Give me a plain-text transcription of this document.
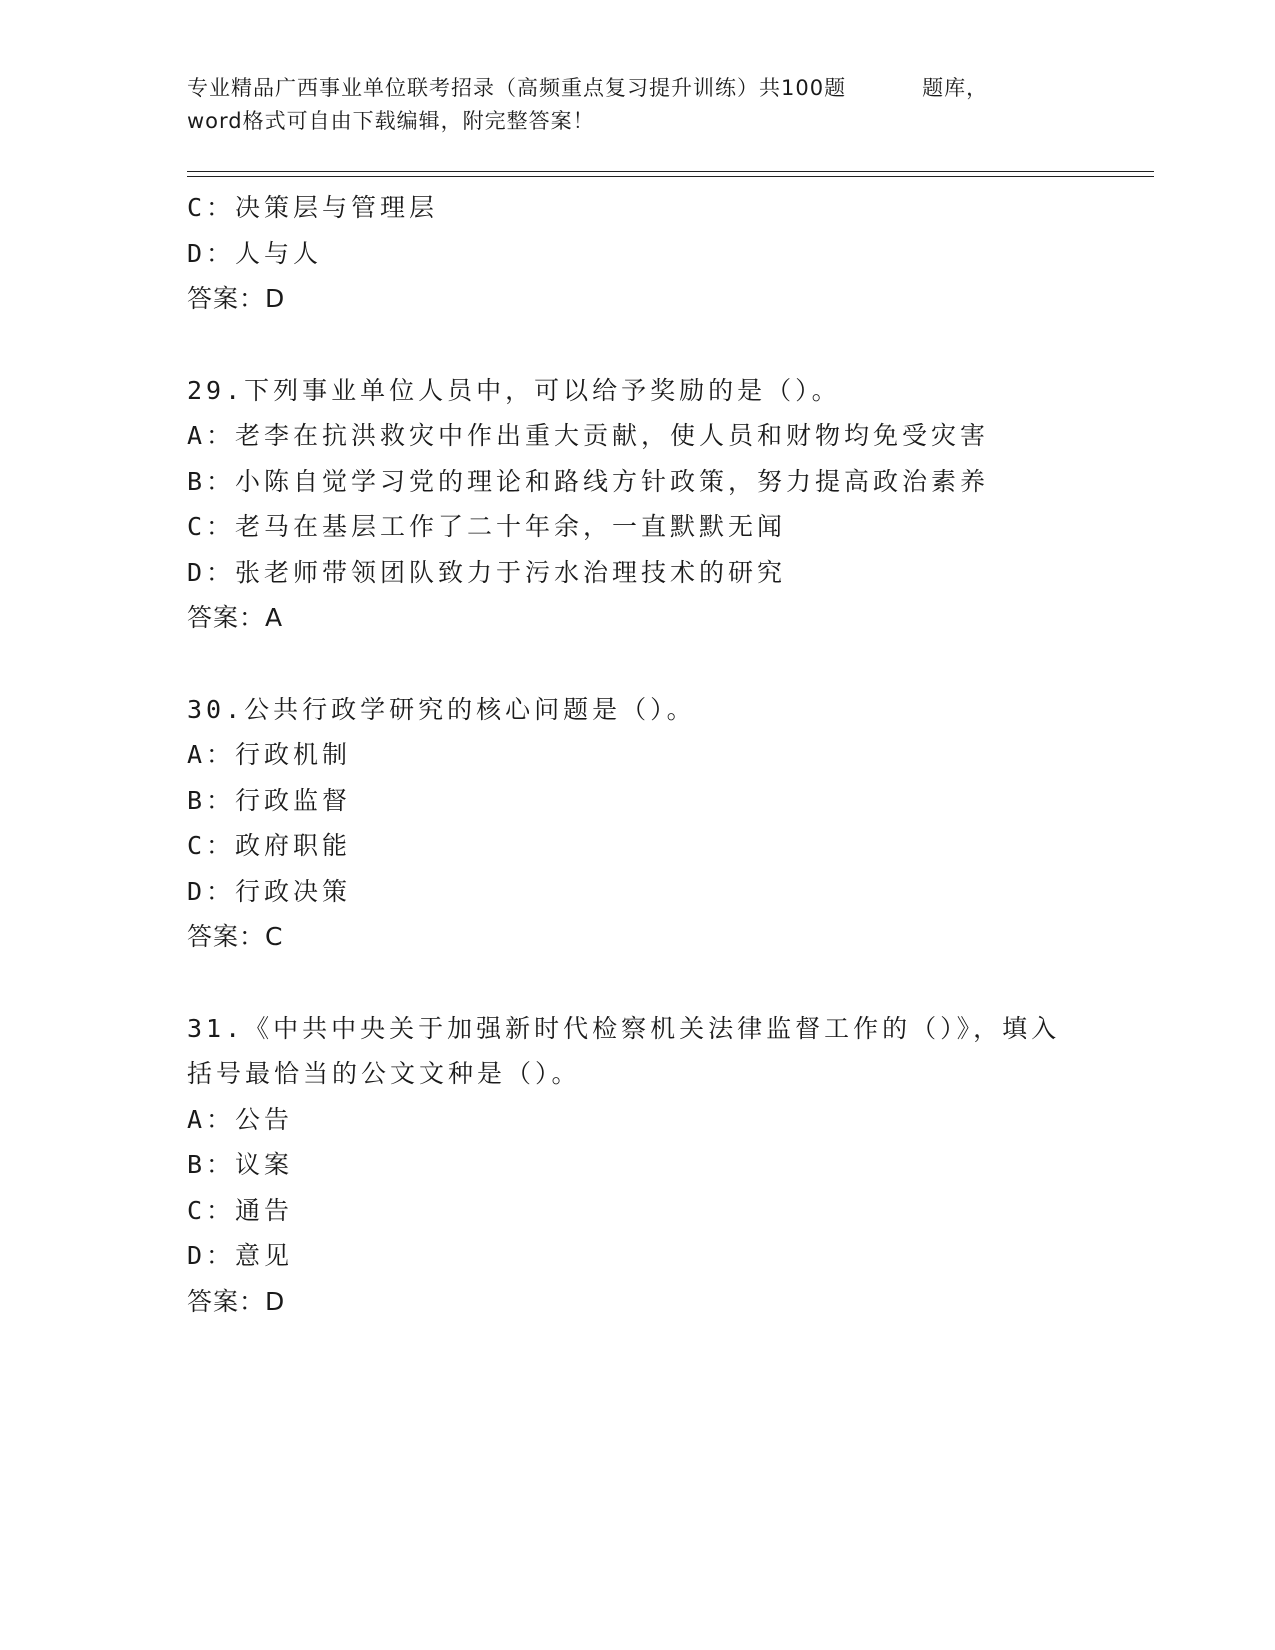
专业精品广西事业单位联考招录（高频重点复习提升训练）共100题	题库，
word格式可自由下载编辑，附完整答案！
C：决策层与管理层
D：人与人
答案：D
29.下列事业单位人员中，可以给予奖励的是（）。
A：老李在抗洪救灾中作出重大贡献，使人员和财物均免受灾害
B：小陈自觉学习党的理论和路线方针政策，努力提高政治素养
C：老马在基层工作了二十年余，一直默默无闻
D：张老师带领团队致力于污水治理技术的研究
答案：A
30.公共行政学研究的核心问题是（）。
A：行政机制
B：行政监督
C：政府职能
D：行政决策
答案：C
31.《中共中央关于加强新时代检察机关法律监督工作的（）》，填入
括号最恰当的公文文种是（）。
A：公告
B：议案
C：通告
D：意见
答案：D
